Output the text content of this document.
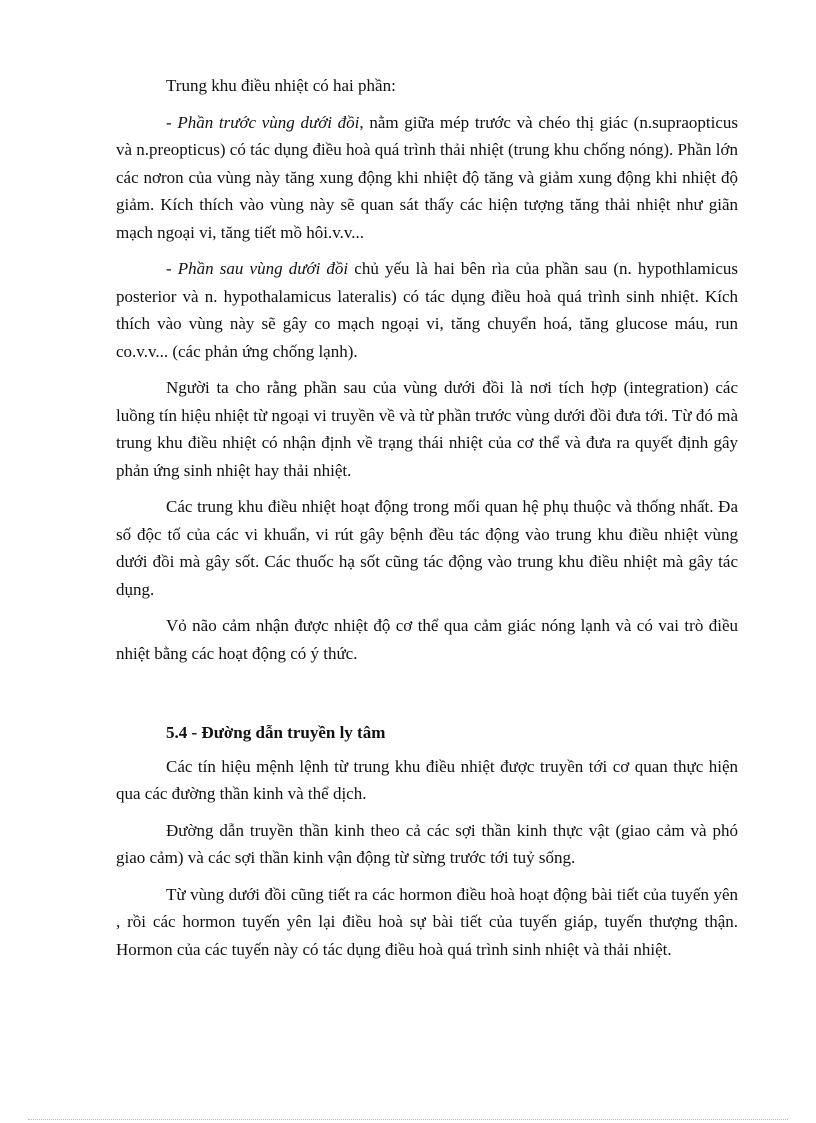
Trung khu điều nhiệt có hai phần:

- Phần trước vùng dưới đồi, nằm giữa mép trước và chéo thị giác (n.supraopticus và n.preopticus) có tác dụng điều hoà quá trình thải nhiệt (trung khu chống nóng). Phần lớn các nơron của vùng này tăng xung động khi nhiệt độ tăng và giảm xung động khi nhiệt độ giảm. Kích thích vào vùng này sẽ quan sát thấy các hiện tượng tăng thải nhiệt như giãn mạch ngoại vi, tăng tiết mồ hôi.v.v...

- Phần sau vùng dưới đồi chủ yếu là hai bên rìa của phần sau (n. hypothlamicus posterior và n. hypothalamicus lateralis) có tác dụng điều hoà quá trình sinh nhiệt. Kích thích vào vùng này sẽ gây co mạch ngoại vi, tăng chuyển hoá, tăng glucose máu, run co.v.v... (các phản ứng chống lạnh).

Người ta cho rằng phần sau của vùng dưới đồi là nơi tích hợp (integration) các luồng tín hiệu nhiệt từ ngoại vi truyền về và từ phần trước vùng dưới đồi đưa tới. Từ đó mà trung khu điều nhiệt có nhận định về trạng thái nhiệt của cơ thể và đưa ra quyết định gây phản ứng sinh nhiệt hay thải nhiệt.

Các trung khu điều nhiệt hoạt động trong mối quan hệ phụ thuộc và thống nhất. Đa số độc tố của các vi khuẩn, vi rút gây bệnh đều tác động vào trung khu điều nhiệt vùng dưới đồi mà gây sốt. Các thuốc hạ sốt cũng tác động vào trung khu điều nhiệt mà gây tác dụng.

Vỏ não cảm nhận được nhiệt độ cơ thể qua cảm giác nóng lạnh và có vai trò điều nhiệt bằng các hoạt động có ý thức.

5.4 - Đường dẫn truyền ly tâm

Các tín hiệu mệnh lệnh từ trung khu điều nhiệt được truyền tới cơ quan thực hiện qua các đường thần kinh và thể dịch.

Đường dẫn truyền thần kinh theo cả các sợi thần kinh thực vật (giao cảm và phó giao cảm) và các sợi thần kinh vận động từ sừng trước tới tuỷ sống.

Từ vùng dưới đồi cũng tiết ra các hormon điều hoà hoạt động bài tiết của tuyến yên , rồi các hormon tuyến yên lại điều hoà sự bài tiết của tuyến giáp, tuyến thượng thận. Hormon của các tuyến này có tác dụng điều hoà quá trình sinh nhiệt và thải nhiệt.
